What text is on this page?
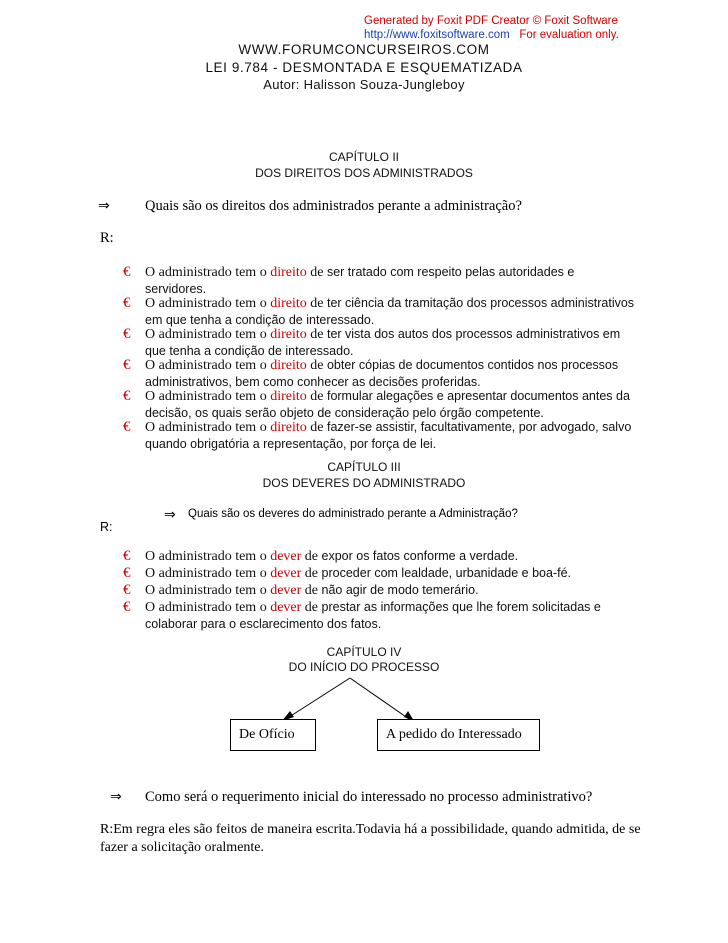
Generated by Foxit PDF Creator © Foxit Software
http://www.foxitsoftware.com For evaluation only.
WWW.FORUMCONCURSEIROS.COM
LEI 9.784 - DESMONTADA E ESQUEMATIZADA
Autor: Halisson Souza-Jungleboy
CAPÍTULO II
DOS DIREITOS DOS ADMINISTRADOS
⇒ Quais são os direitos dos administrados perante a administração?
R:
€ O administrado tem o direito de ser tratado com respeito pelas autoridades e servidores.
€ O administrado tem o direito de ter ciência da tramitação dos processos administrativos em que tenha a condição de interessado.
€ O administrado tem o direito de ter vista dos autos dos processos administrativos em que tenha a condição de interessado.
€ O administrado tem o direito de obter cópias de documentos contidos nos processos administrativos, bem como conhecer as decisões proferidas.
€ O administrado tem o direito de formular alegações e apresentar documentos antes da decisão, os quais serão objeto de consideração pelo órgão competente.
€ O administrado tem o direito de fazer-se assistir, facultativamente, por advogado, salvo quando obrigatória a representação, por força de lei.
CAPÍTULO III
DOS DEVERES DO ADMINISTRADO
⇒ Quais são os deveres do administrado perante a Administração?
R:
€ O administrado tem o dever de expor os fatos conforme a verdade.
€ O administrado tem o dever de proceder com lealdade, urbanidade e boa-fé.
€ O administrado tem o dever de não agir de modo temerário.
€ O administrado tem o dever de prestar as informações que lhe forem solicitadas e colaborar para o esclarecimento dos fatos.
CAPÍTULO IV
DO INÍCIO DO PROCESSO
De Ofício	A pedido do Interessado
⇒ Como será o requerimento inicial do interessado no processo administrativo?
R:Em regra eles são feitos de maneira escrita.Todavia há a possibilidade, quando admitida, de se fazer a solicitação oralmente.
